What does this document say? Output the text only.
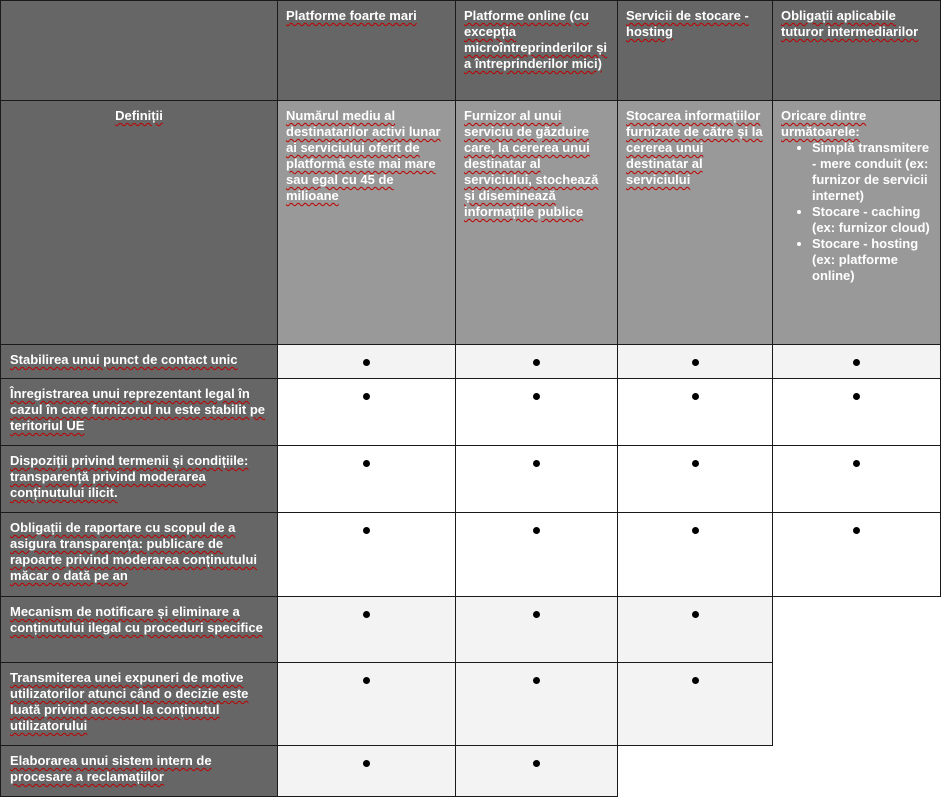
Platforme foarte mari	Platforme online (cu excepția microîntreprinderilor și a întreprinderilor mici)
Servicii de stocare - hosting
Obligații aplicabile tuturor intermediarilor
Definiții	Numărul mediu al destinatarilor activi lunar ai serviciului oferit de platformă este mai mare sau egal cu 45 de milioane
Furnizor al unui serviciu de găzduire care, la cererea unui destinatar al serviciului, stochează și diseminează informațiile publice
Stocarea informațiilor furnizate de către și la cererea unui destinatar al serviciului
Oricare dintre următoarele:
• Simplă transmitere - mere conduit (ex: furnizor de servicii internet)
• Stocare - caching (ex: furnizor cloud)
• Stocare - hosting (ex: platforme online)
Stabilirea unui punct de contact unic
Înregistrarea unui reprezentant legal în cazul în care furnizorul nu este stabilit pe teritoriul UE
Dispoziții privind termenii și condițiile: transparență privind moderarea conținutului ilicit.
Obligații de raportare cu scopul de a asigura transparența: publicare de rapoarte privind moderarea conținutului măcar o dată pe an
Mecanism de notificare și eliminare a conținutului ilegal cu proceduri specifice
Transmiterea unei expuneri de motive utilizatorilor atunci când o decizie este luată privind accesul la conținutul utilizatorului
Elaborarea unui sistem intern de procesare a reclamațiilor
